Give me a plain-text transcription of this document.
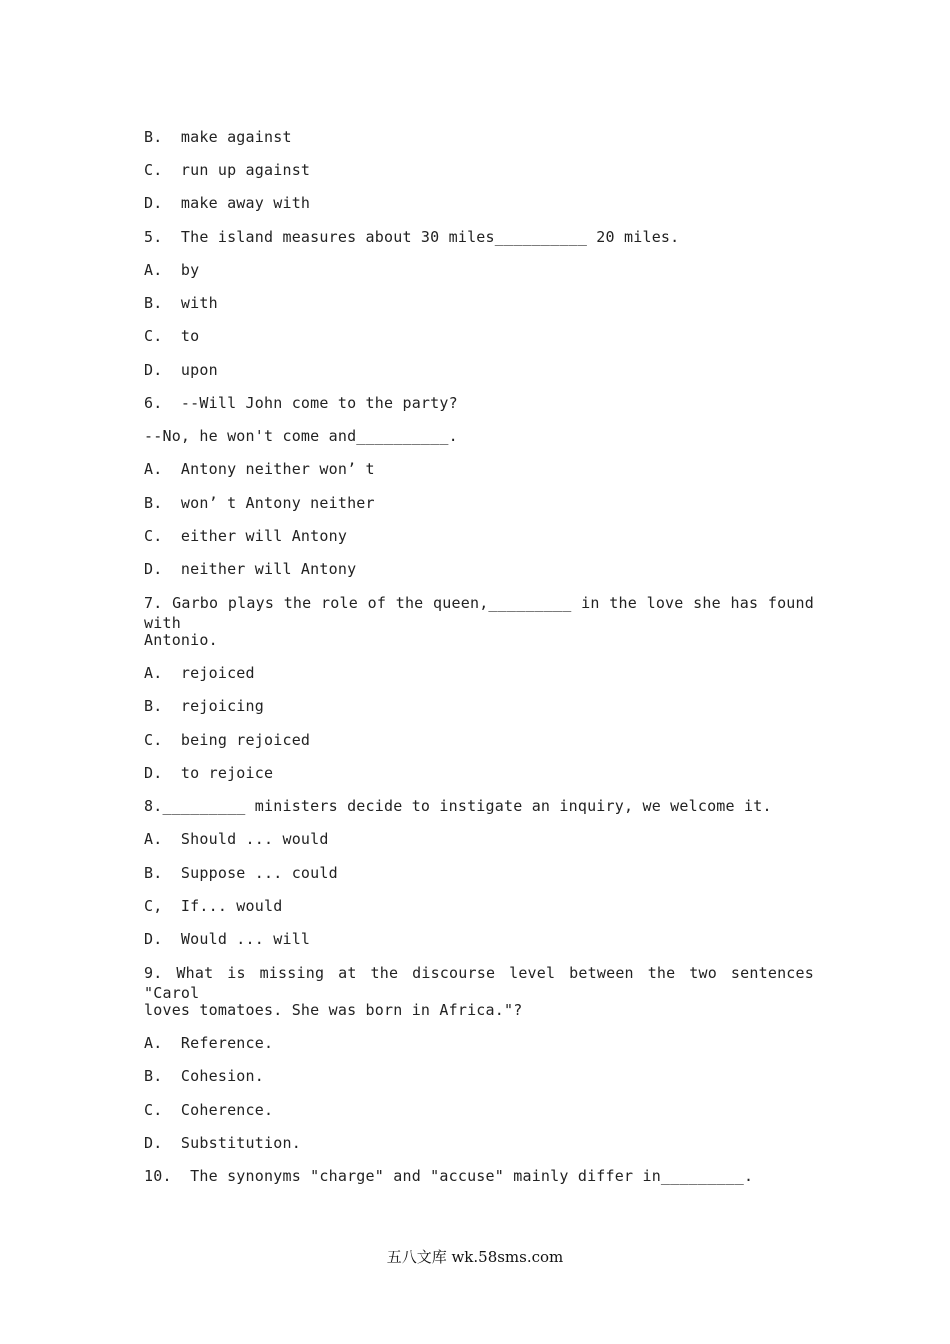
B.  make against
C.  run up against
D.  make away with
5.  The island measures about 30 miles__________ 20 miles.
A.  by
B.  with
C.  to
D.  upon
6.  --Will John come to the party?
--No, he won't come and__________.
A.  Antony neither won’ t
B.  won’ t Antony neither
C.  either will Antony
D.  neither will Antony
7. Garbo plays the role of the queen,_________ in the love she has found with
Antonio.
A.  rejoiced
B.  rejoicing
C.  being rejoiced
D.  to rejoice
8._________ ministers decide to instigate an inquiry, we welcome it.
A.  Should ... would
B.  Suppose ... could
C,  If... would
D.  Would ... will
9. What is missing at the discourse level between the two sentences "Carol
loves tomatoes. She was born in Africa."?
A.  Reference.
B.  Cohesion.
C.  Coherence.
D.  Substitution.
10.  The synonyms "charge" and "accuse" mainly differ in_________.
五八文库 wk.58sms.com
